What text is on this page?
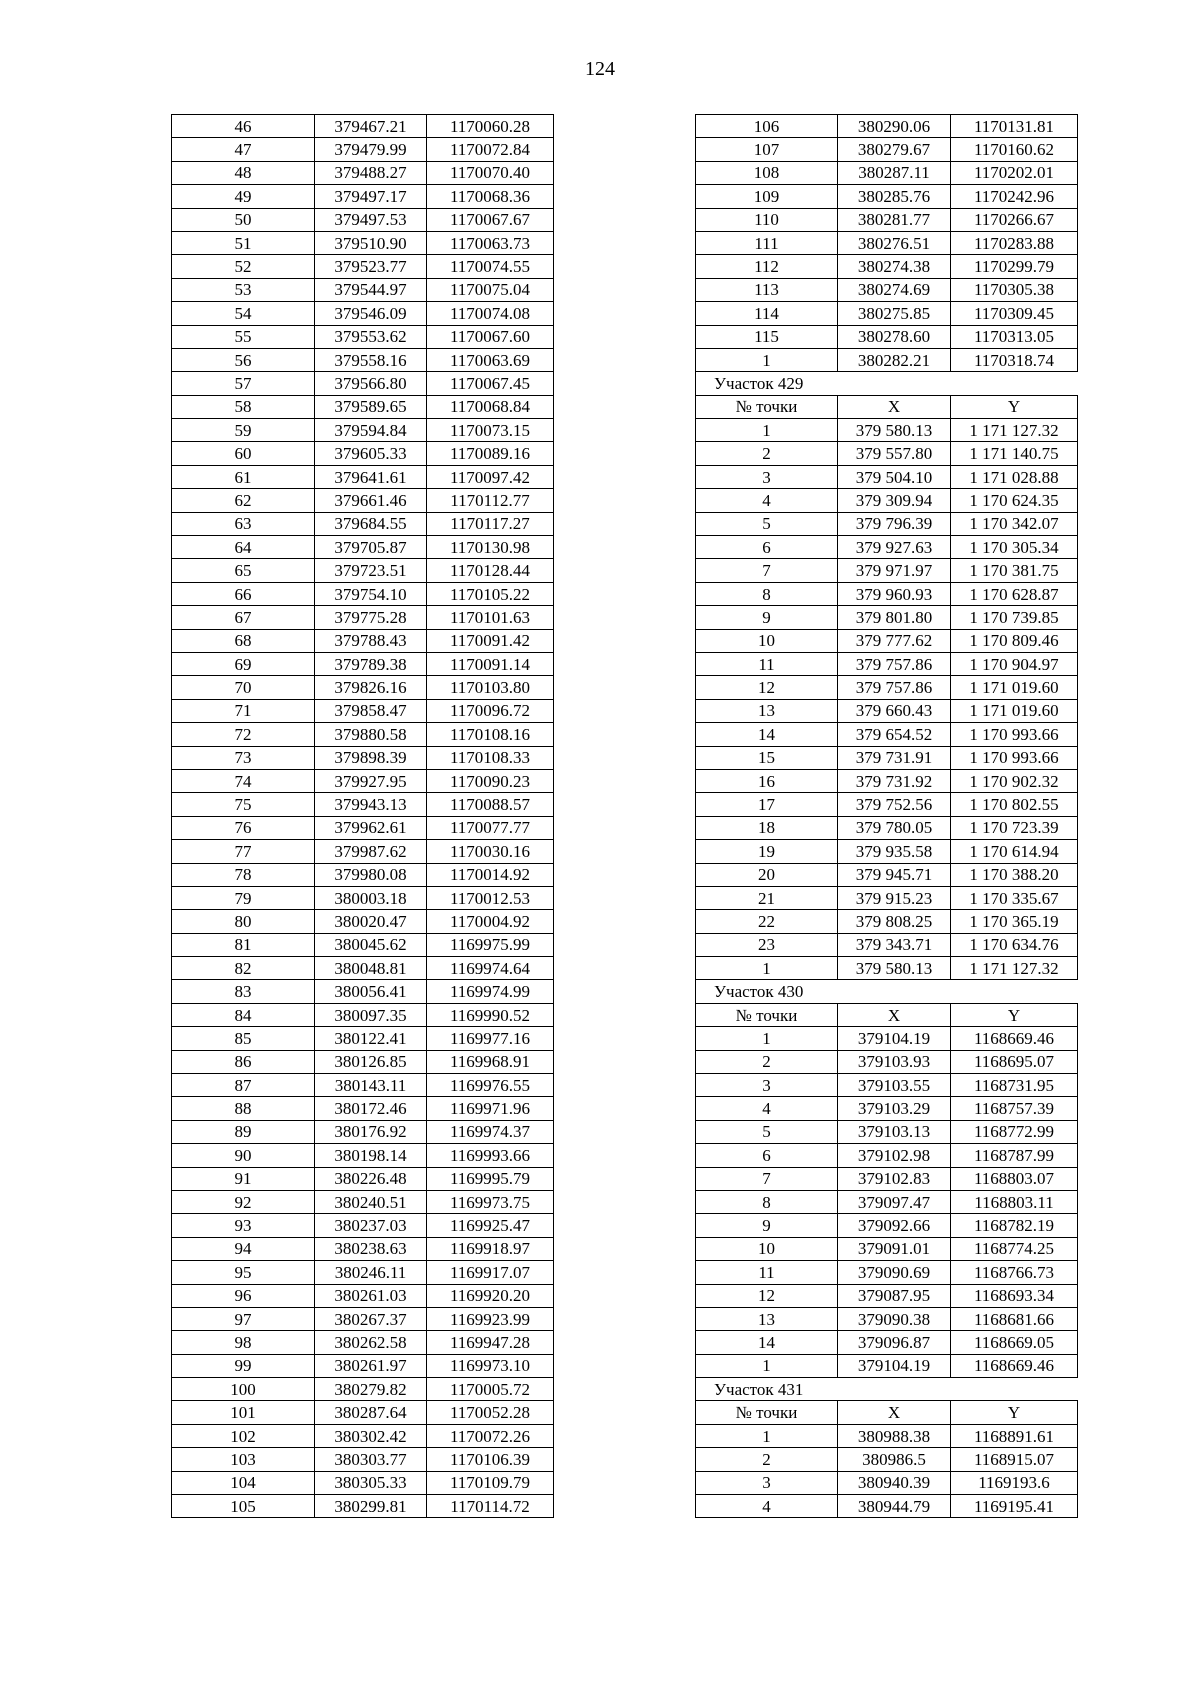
124
46	379467.21	1170060.28
47	379479.99	1170072.84
48	379488.27	1170070.40
49	379497.17	1170068.36
50	379497.53	1170067.67
51	379510.90	1170063.73
52	379523.77	1170074.55
53	379544.97	1170075.04
54	379546.09	1170074.08
55	379553.62	1170067.60
56	379558.16	1170063.69
57	379566.80	1170067.45
58	379589.65	1170068.84
59	379594.84	1170073.15
60	379605.33	1170089.16
61	379641.61	1170097.42
62	379661.46	1170112.77
63	379684.55	1170117.27
64	379705.87	1170130.98
65	379723.51	1170128.44
66	379754.10	1170105.22
67	379775.28	1170101.63
68	379788.43	1170091.42
69	379789.38	1170091.14
70	379826.16	1170103.80
71	379858.47	1170096.72
72	379880.58	1170108.16
73	379898.39	1170108.33
74	379927.95	1170090.23
75	379943.13	1170088.57
76	379962.61	1170077.77
77	379987.62	1170030.16
78	379980.08	1170014.92
79	380003.18	1170012.53
80	380020.47	1170004.92
81	380045.62	1169975.99
82	380048.81	1169974.64
83	380056.41	1169974.99
84	380097.35	1169990.52
85	380122.41	1169977.16
86	380126.85	1169968.91
87	380143.11	1169976.55
88	380172.46	1169971.96
89	380176.92	1169974.37
90	380198.14	1169993.66
91	380226.48	1169995.79
92	380240.51	1169973.75
93	380237.03	1169925.47
94	380238.63	1169918.97
95	380246.11	1169917.07
96	380261.03	1169920.20
97	380267.37	1169923.99
98	380262.58	1169947.28
99	380261.97	1169973.10
100	380279.82	1170005.72
101	380287.64	1170052.28
102	380302.42	1170072.26
103	380303.77	1170106.39
104	380305.33	1170109.79
105	380299.81	1170114.72
106	380290.06	1170131.81
107	380279.67	1170160.62
108	380287.11	1170202.01
109	380285.76	1170242.96
110	380281.77	1170266.67
111	380276.51	1170283.88
112	380274.38	1170299.79
113	380274.69	1170305.38
114	380275.85	1170309.45
115	380278.60	1170313.05
1	380282.21	1170318.74
Участок 429		
№ точки	X	Y
1	379 580.13	1 171 127.32
2	379 557.80	1 171 140.75
3	379 504.10	1 171 028.88
4	379 309.94	1 170 624.35
5	379 796.39	1 170 342.07
6	379 927.63	1 170 305.34
7	379 971.97	1 170 381.75
8	379 960.93	1 170 628.87
9	379 801.80	1 170 739.85
10	379 777.62	1 170 809.46
11	379 757.86	1 170 904.97
12	379 757.86	1 171 019.60
13	379 660.43	1 171 019.60
14	379 654.52	1 170 993.66
15	379 731.91	1 170 993.66
16	379 731.92	1 170 902.32
17	379 752.56	1 170 802.55
18	379 780.05	1 170 723.39
19	379 935.58	1 170 614.94
20	379 945.71	1 170 388.20
21	379 915.23	1 170 335.67
22	379 808.25	1 170 365.19
23	379 343.71	1 170 634.76
1	379 580.13	1 171 127.32
Участок 430		
№ точки	X	Y
1	379104.19	1168669.46
2	379103.93	1168695.07
3	379103.55	1168731.95
4	379103.29	1168757.39
5	379103.13	1168772.99
6	379102.98	1168787.99
7	379102.83	1168803.07
8	379097.47	1168803.11
9	379092.66	1168782.19
10	379091.01	1168774.25
11	379090.69	1168766.73
12	379087.95	1168693.34
13	379090.38	1168681.66
14	379096.87	1168669.05
1	379104.19	1168669.46
Участок 431		
№ точки	X	Y
1	380988.38	1168891.61
2	380986.5	1168915.07
3	380940.39	1169193.6
4	380944.79	1169195.41
